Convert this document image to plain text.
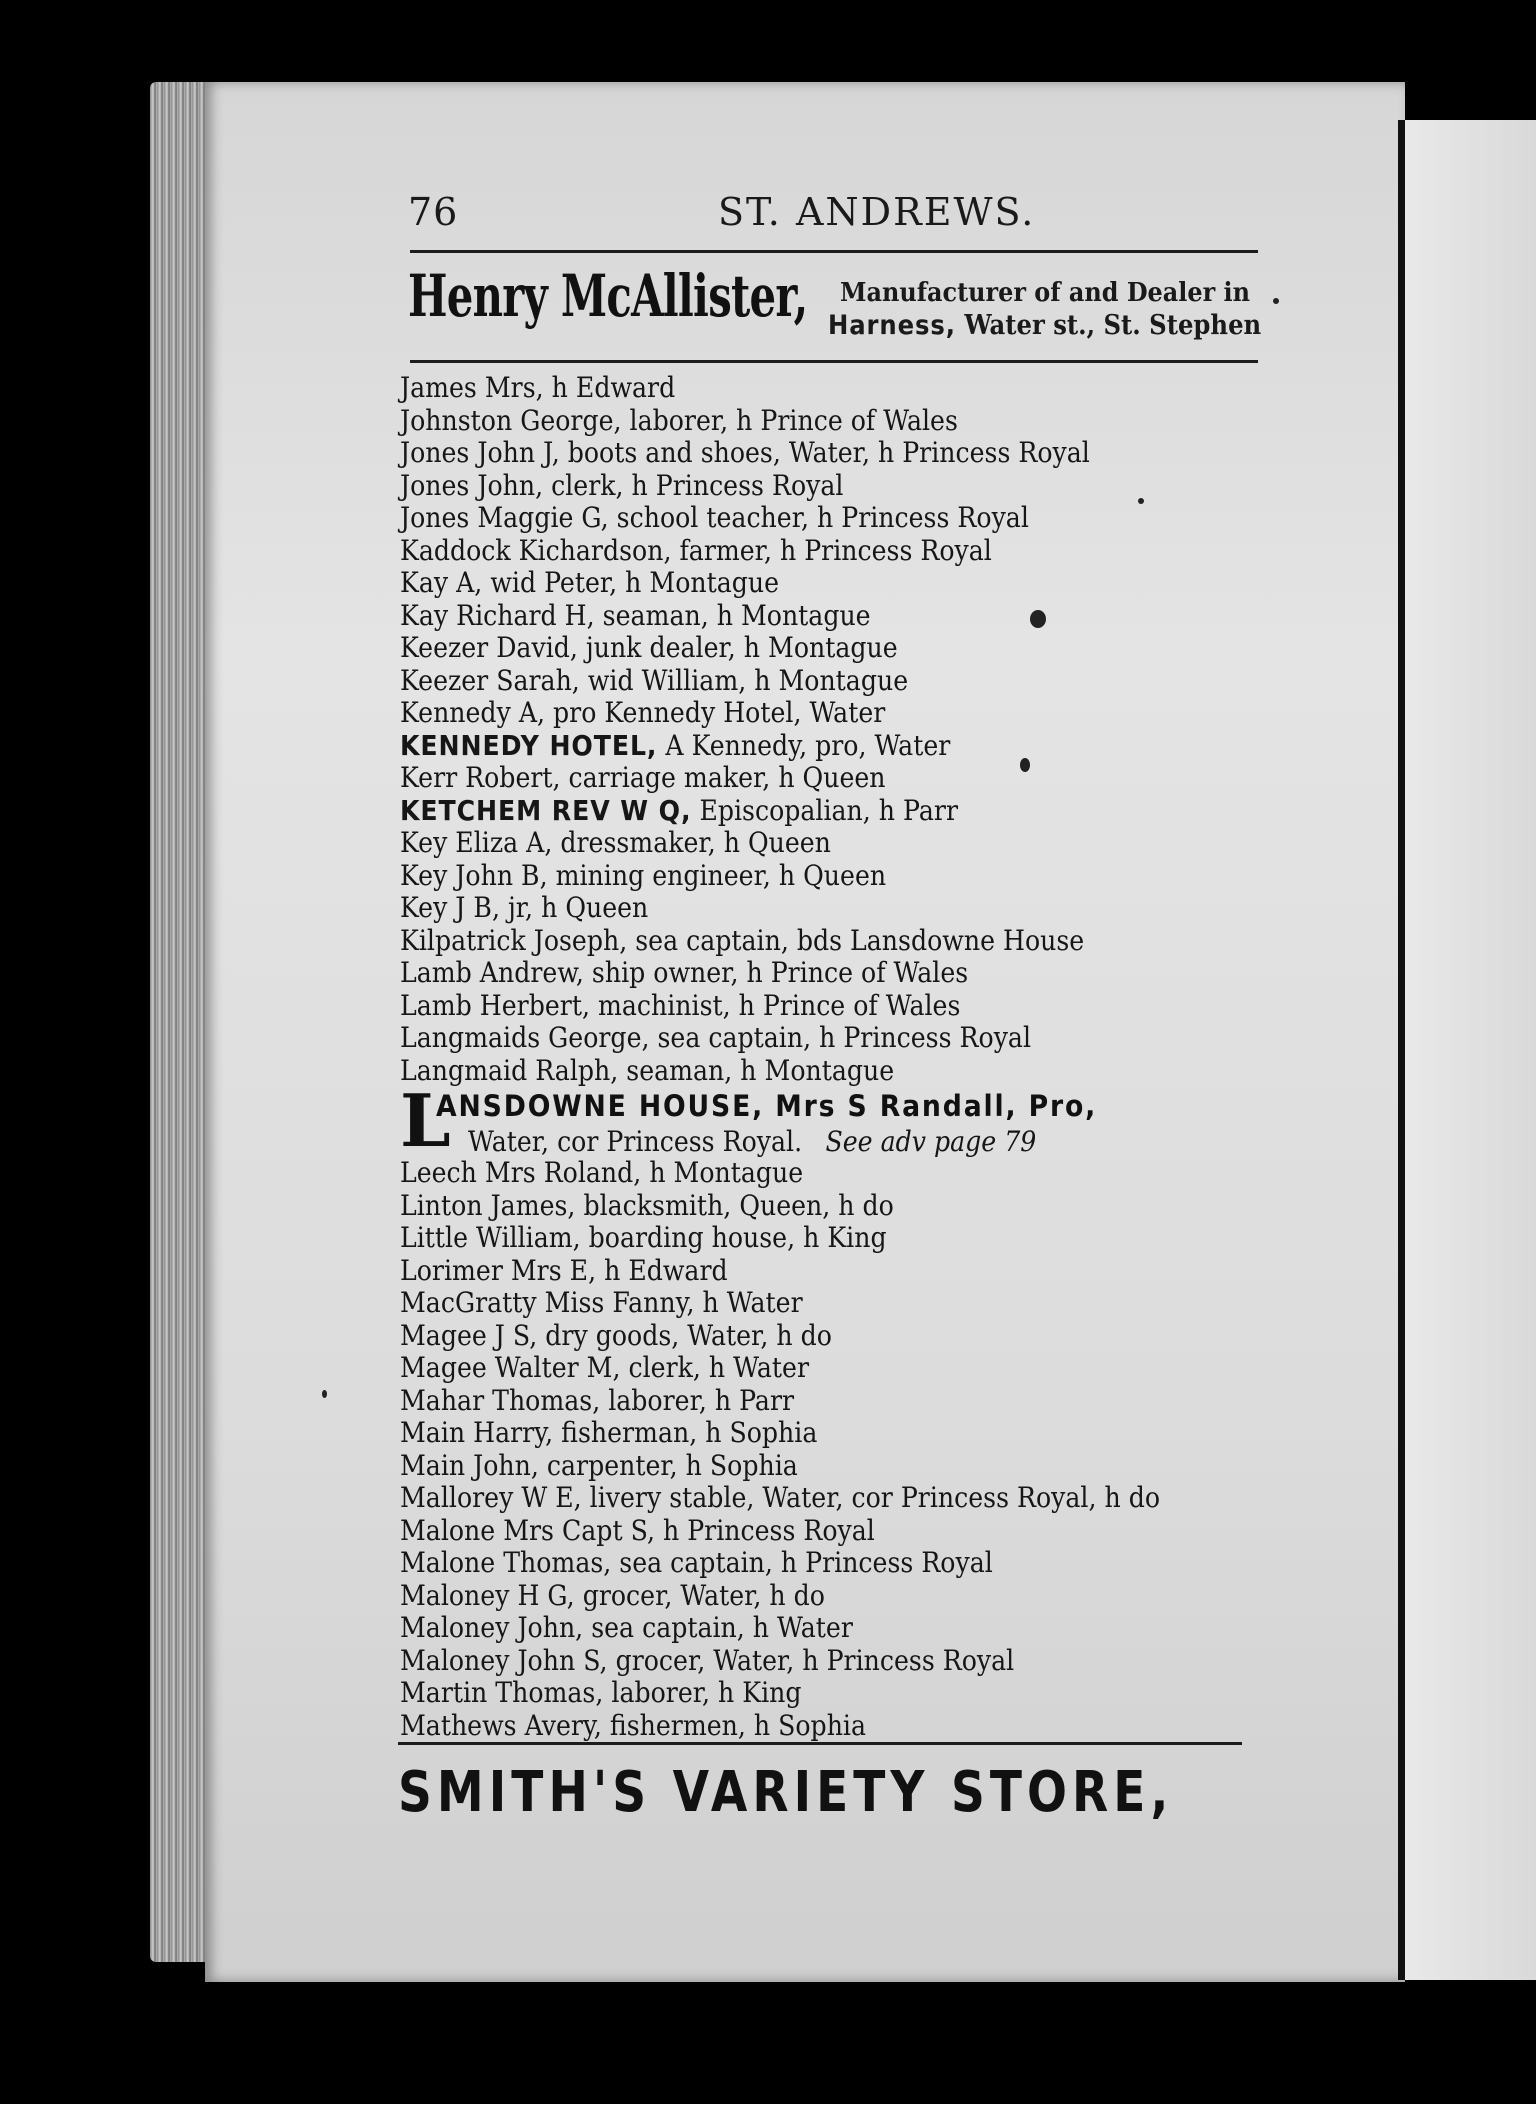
76	ST. ANDREWS.
Henry McAllister, Manufacturer of and Dealer in
Harness, Water st., St. Stephen
James Mrs, h Edward
Johnston George, laborer, h Prince of Wales
Jones John J, boots and shoes, Water, h Princess Royal
Jones John, clerk, h Princess Royal
Jones Maggie G, school teacher, h Princess Royal
Kaddock Kichardson, farmer, h Princess Royal
Kay A, wid Peter, h Montague
Kay Richard H, seaman, h Montague
Keezer David, junk dealer, h Montague
Keezer Sarah, wid William, h Montague
Kennedy A, pro Kennedy Hotel, Water
KENNEDY HOTEL, A Kennedy, pro, Water
Kerr Robert, carriage maker, h Queen
KETCHEM REV W Q, Episcopalian, h Parr
Key Eliza A, dressmaker, h Queen
Key John B, mining engineer, h Queen
Key J B, jr, h Queen
Kilpatrick Joseph, sea captain, bds Lansdowne House
Lamb Andrew, ship owner, h Prince of Wales
Lamb Herbert, machinist, h Prince of Wales
Langmaids George, sea captain, h Princess Royal
Langmaid Ralph, seaman, h Montague
L
ANSDOWNE HOUSE, Mrs S Randall, Pro,
Water, cor Princess Royal. See adv page 79
Leech Mrs Roland, h Montague
Linton James, blacksmith, Queen, h do
Little William, boarding house, h King
Lorimer Mrs E, h Edward
MacGratty Miss Fanny, h Water
Magee J S, dry goods, Water, h do
Magee Walter M, clerk, h Water
Mahar Thomas, laborer, h Parr
Main Harry, fisherman, h Sophia
Main John, carpenter, h Sophia
Mallorey W E, livery stable, Water, cor Princess Royal, h do
Malone Mrs Capt S, h Princess Royal
Malone Thomas, sea captain, h Princess Royal
Maloney H G, grocer, Water, h do
Maloney John, sea captain, h Water
Maloney John S, grocer, Water, h Princess Royal
Martin Thomas, laborer, h King
Mathews Avery, fishermen, h Sophia
SMITH'S VARIETY STORE,
